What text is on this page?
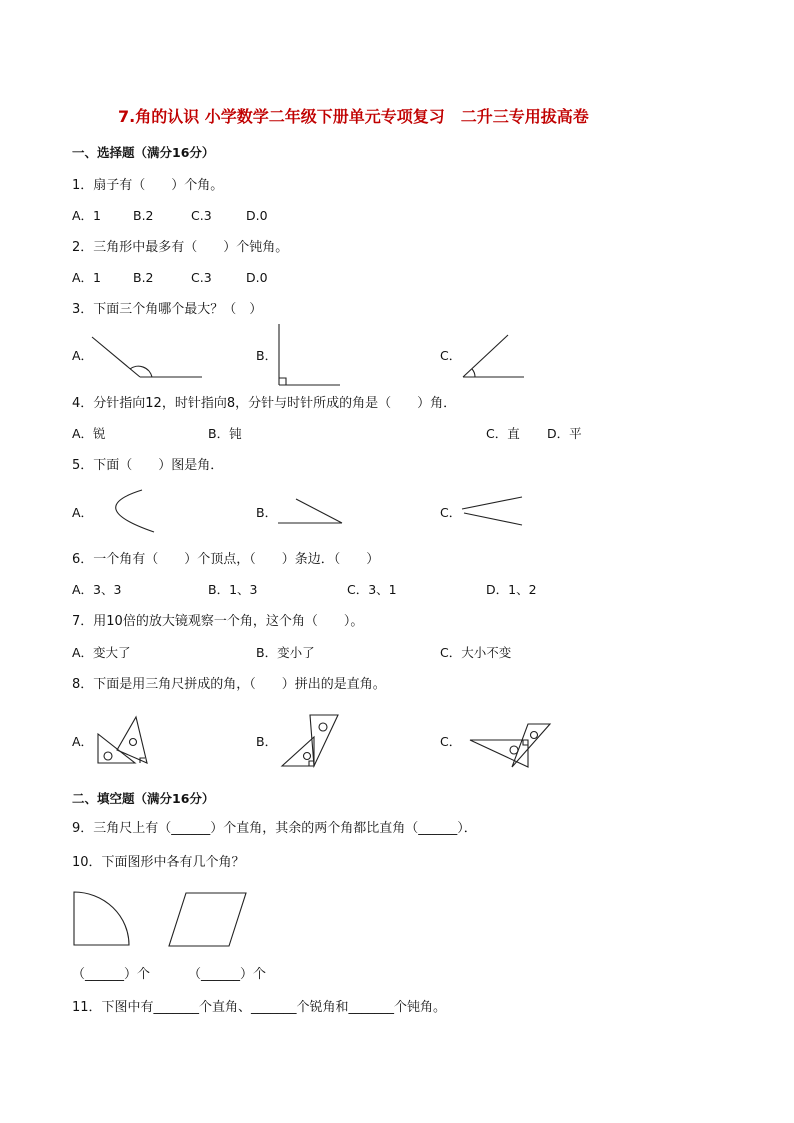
7.角的认识 小学数学二年级下册单元专项复习　二升三专用拔高卷
一、选择题（满分16分）
1．扇子有（　　）个角。
A．1	B.2	C.3	D.0
2．三角形中最多有（　　）个钝角。
A．1	B.2	C.3	D.0
3．下面三个角哪个最大？（　）
A．	B．	C．
4．分针指向12，时针指向8，分针与时针所成的角是（　　）角．
A．锐	B．钝	C．直 D．平
5．下面（　　）图是角．
A．	B．	C．
6．一个角有（　　）个顶点，（　　）条边．（　　）
A．3、3	B．1、3	C．3、1	D．1、2
7．用10倍的放大镜观察一个角，这个角（　　）。
A．变大了	B．变小了	C．大小不变
8．下面是用三角尺拼成的角，（　　）拼出的是直角。
A．	B．	C．
二、填空题（满分16分）
9．三角尺上有（______）个直角，其余的两个角都比直角（______）．
10．下面图形中各有几个角？
（______）个	（______）个
11．下图中有_______个直角、_______个锐角和_______个钝角。
